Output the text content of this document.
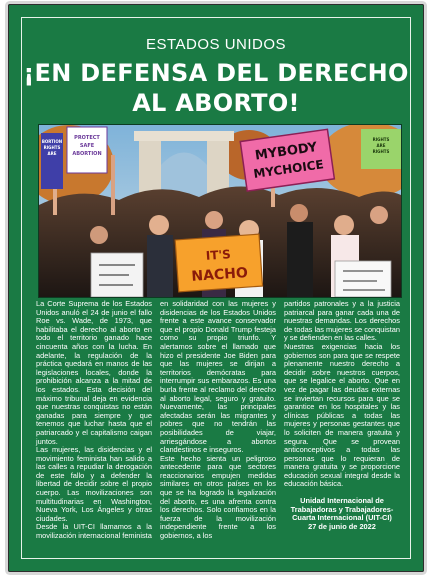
ESTADOS UNIDOS
¡EN DEFENSA DEL DERECHO
AL ABORTO!
BORTION
RIGHTS
ARE
PROTECT
SAFE
ABORTION	MYBODY
MYCHOICE
RIGHTS
ARE
RIGHTS
IT'S
NACHO

La Corte Suprema de los Estados Unidos anuló el 24 de junio el fallo Roe vs. Wade, de 1973, que habilitaba el derecho al aborto en todo el territorio ganado hace cincuenta años con la lucha. En adelante, la regulación de la práctica quedará en manos de las legislaciones locales, donde la prohibición alcanza a la mitad de los estados. Esta decisión del máximo tribunal deja en evidencia que nuestras conquistas no están ganadas para siempre y que tenemos que luchar hasta que el patriarcado y el capitalismo caigan juntos.

Las mujeres, las disidencias y el movimiento feminista han salido a las calles a repudiar la derogación de este fallo y a defender la libertad de decidir sobre el propio cuerpo. Las movilizaciones son multitudinarias en Washington, Nueva York, Los Ángeles y otras ciudades.

Desde la UIT-CI llamamos a la movilización internacional feminista

en solidaridad con las mujeres y disidencias de los Estados Unidos frente a este avance conservador que el propio Donald Trump festeja como su propio triunfo. Y alertamos sobre el llamado que hizo el presidente Joe Biden para que las mujeres se dirijan a territorios demócratas para interrumpir sus embarazos. Es una burla frente al reclamo del derecho al aborto legal, seguro y gratuito. Nuevamente, las principales afectadas serán las migrantes y pobres que no tendrán las posibilidades de viajar, arriesgándose a abortos clandestinos e inseguros.

Este hecho sienta un peligroso antecedente para que sectores reaccionarios empujen medidas similares en otros países en los que se ha logrado la legalización del aborto, es una afrenta contra los derechos. Solo confiamos en la fuerza de la movilización independiente frente a los gobiernos, a los

partidos patronales y a la justicia patriarcal para ganar cada una de nuestras demandas. Los derechos de todas las mujeres se conquistan y se defienden en las calles.

Nuestras exigencias hacia los gobiernos son para que se respete plenamente nuestro derecho a decidir sobre nuestros cuerpos, que se legalice el aborto. Que en vez de pagar las deudas externas se inviertan recursos para que se garantice en los hospitales y las clínicas públicas a todas las mujeres y personas gestantes que lo soliciten de manera gratuita y segura. Que se provean anticonceptivos a todas las personas que lo requieran de manera gratuita y se proporcione educación sexual integral desde la educación básica.

Unidad Internacional de
Trabajadoras y Trabajadores-
Cuarta Internacional (UIT-CI)
27 de junio de 2022
